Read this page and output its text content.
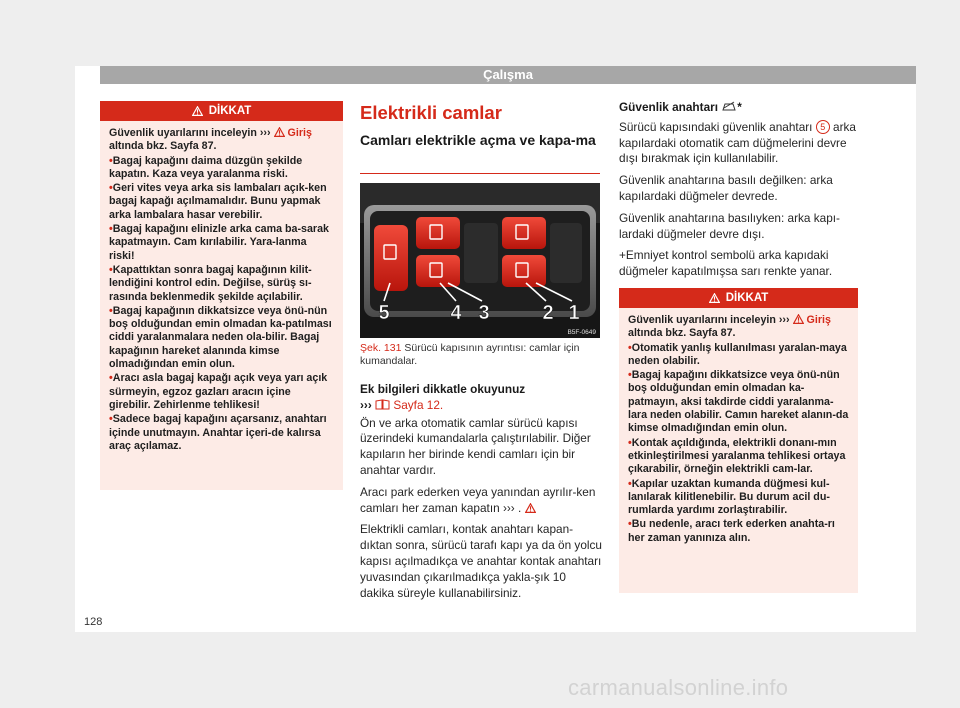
Çalışma
DİKKAT

Güvenlik uyarılarını inceleyin ››› Giriş altında bkz. Sayfa 87.

• Bagaj kapağını daima düzgün şekilde kapatın. Kaza veya yaralanma riski.

• Geri vites veya arka sis lambaları açık-ken bagaj kapağı açılmamalıdır. Bunu yapmak arka lambalara hasar verebilir.

• Bagaj kapağını elinizle arka cama ba-sarak kapatmayın. Cam kırılabilir. Yara-lanma riski!

• Kapattıktan sonra bagaj kapağının kilit-lendiğini kontrol edin. Değilse, sürüş sı-rasında beklenmedik şekilde açılabilir.

• Bagaj kapağının dikkatsizce veya önü-nün boş olduğundan emin olmadan ka-patılması ciddi yaralanmalara neden ola-bilir. Bagaj kapağının hareket alanında kimse olmadığından emin olun.

• Aracı asla bagaj kapağı açık veya yarı açık sürmeyin, egzoz gazları aracın içine girebilir. Zehirlenme tehlikesi!

• Sadece bagaj kapağını açarsanız, anahtarı içinde unutmayın. Anahtar içeri-de kalırsa araç açılamaz.

Elektrikli camlar
Camları elektrikle açma ve kapa-ma
5	4 3	2 1
B5F-0649
Şek. 131 Sürücü kapısının ayrıntısı: camlar için kumandalar.

Ek bilgileri dikkatle okuyunuz
››› Sayfa 12.

Ön ve arka otomatik camlar sürücü kapısı üzerindeki kumandalarla çalıştırılabilir. Diğer kapıların her birinde kendi camları için bir anahtar vardır.

Aracı park ederken veya yanından ayrılır-ken camları her zaman kapatın ››› .

Elektrikli camları, kontak anahtarı kapan-dıktan sonra, sürücü tarafı kapı ya da ön yolcu kapısı açılmadıkça ve anahtar kontak anahtarı yuvasından çıkarılmadıkça yakla-şık 10 dakika süreyle kullanabilirsiniz.

Güvenlik anahtarı *

Sürücü kapısındaki güvenlik anahtarı 5 arka kapılardaki otomatik cam düğmelerini devre dışı bırakmak için kullanılabilir.

Güvenlik anahtarına basılı değilken: arka kapılardaki düğmeler devrede.

Güvenlik anahtarına basılıyken: arka kapı-lardaki düğmeler devre dışı.

+Emniyet kontrol sembolü arka kapıdaki düğmeler kapatılmışsa sarı renkte yanar.

DİKKAT

Güvenlik uyarılarını inceleyin ››› Giriş altında bkz. Sayfa 87.

• Otomatik yanlış kullanılması yaralan-maya neden olabilir.

• Bagaj kapağını dikkatsizce veya önü-nün boş olduğundan emin olmadan ka-patmayın, aksi takdirde ciddi yaralanma-lara neden olabilir. Camın hareket alanın-da kimse olmadığından emin olun.

• Kontak açıldığında, elektrikli donanı-mın etkinleştirilmesi yaralanma tehlikesi ortaya çıkarabilir, örneğin elektrikli cam-lar.

• Kapılar uzaktan kumanda düğmesi kul-lanılarak kilitlenebilir. Bu durum acil du-rumlarda yardımı zorlaştırabilir.

• Bu nedenle, aracı terk ederken anahta-rı her zaman yanınıza alın.

128
carmanualsonline.info
